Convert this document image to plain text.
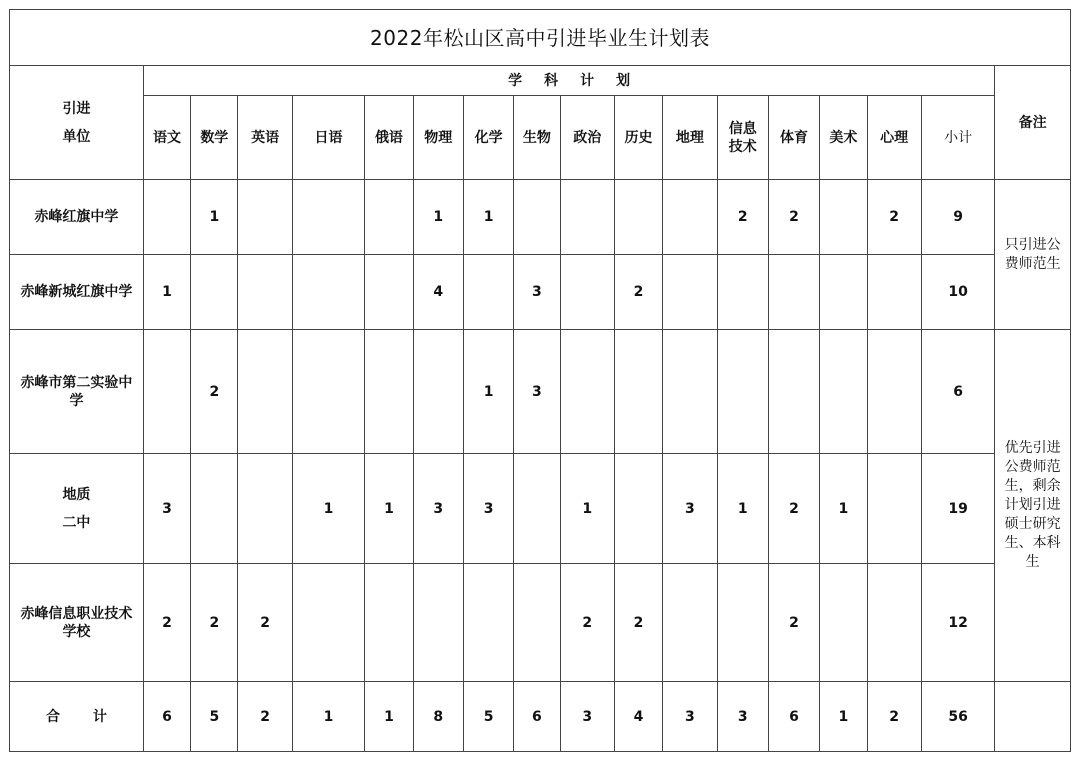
2022年松山区高中引进毕业生计划表																	
引进
单位	学科计划																备注
	语文	数学	英语	日语	俄语	物理	化学	生物	政治	历史	地理	信息技术	体育	美术	心理	小计	
赤峰红旗中学		1				1	1					2	2		2	9	只引进公费师范生
赤峰新城红旗中学	1					4		3		2						10	
赤峰市第二实验中学		2					1	3								6	优先引进公费师范生，剩余计划引进硕士研究生、本科生
地质
二中	3			1	1	3	3		1		3	1	2	1		19	
赤峰信息职业技术学校	2	2	2						2	2			2			12	
合 计	6	5	2	1	1	8	5	6	3	4	3	3	6	1	2	56	
